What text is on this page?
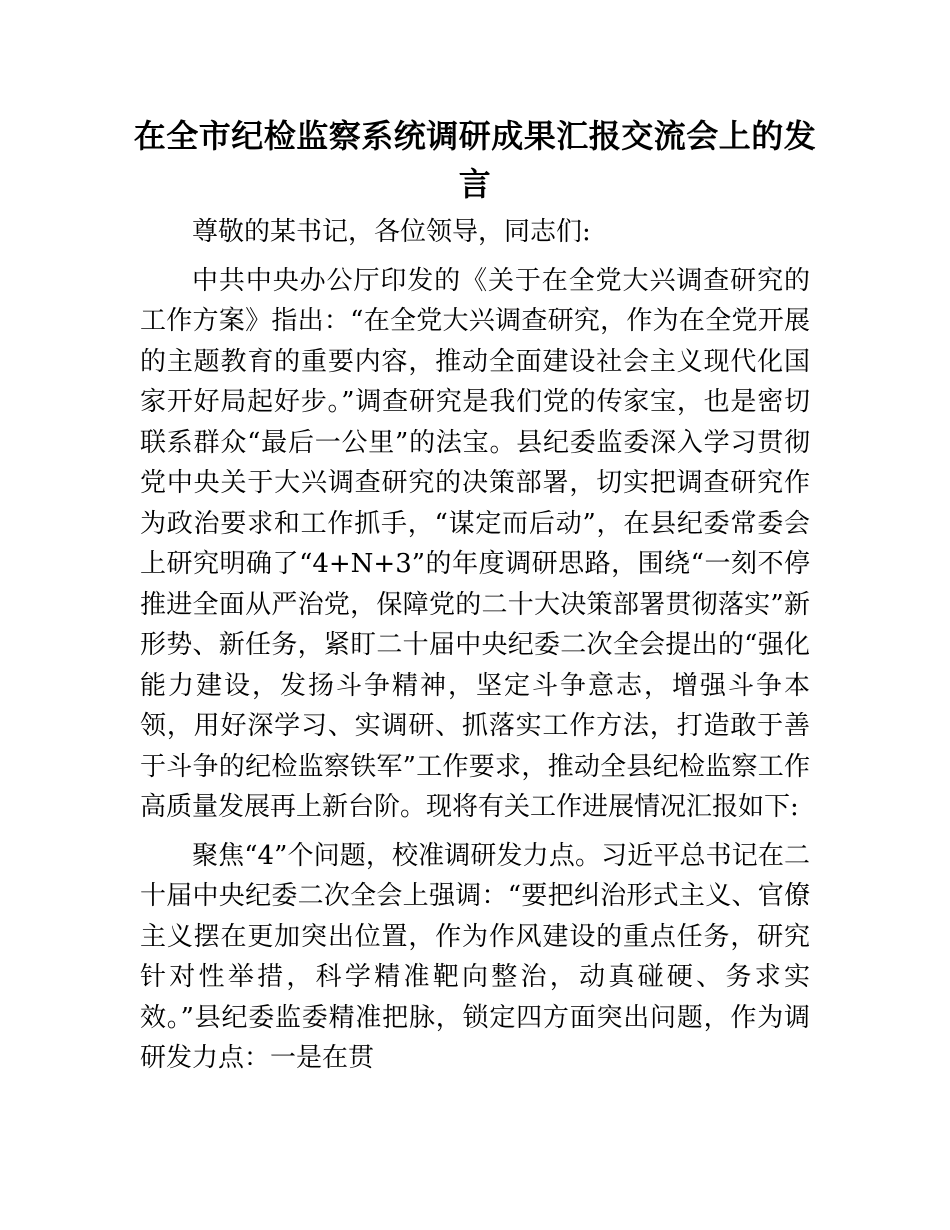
在全市纪检监察系统调研成果汇报交流会上的发言

尊敬的某书记，各位领导，同志们:

中共中央办公厅印发的《关于在全党大兴调查研究的工作方案》指出：“在全党大兴调查研究，作为在全党开展的主题教育的重要内容，推动全面建设社会主义现代化国家开好局起好步。”调查研究是我们党的传家宝，也是密切联系群众“最后一公里”的法宝。县纪委监委深入学习贯彻党中央关于大兴调查研究的决策部署，切实把调查研究作为政治要求和工作抓手，“谋定而后动”，在县纪委常委会上研究明确了“4+N+3”的年度调研思路，围绕“一刻不停推进全面从严治党，保障党的二十大决策部署贯彻落实”新形势、新任务，紧盯二十届中央纪委二次全会提出的“强化能力建设，发扬斗争精神，坚定斗争意志，增强斗争本领，用好深学习、实调研、抓落实工作方法，打造敢于善于斗争的纪检监察铁军”工作要求，推动全县纪检监察工作高质量发展再上新台阶。现将有关工作进展情况汇报如下:

聚焦“4”个问题，校准调研发力点。习近平总书记在二十届中央纪委二次全会上强调：“要把纠治形式主义、官僚主义摆在更加突出位置，作为作风建设的重点任务，研究针对性举措，科学精准靶向整治，动真碰硬、务求实效。”县纪委监委精准把脉，锁定四方面突出问题，作为调研发力点：一是在贯
